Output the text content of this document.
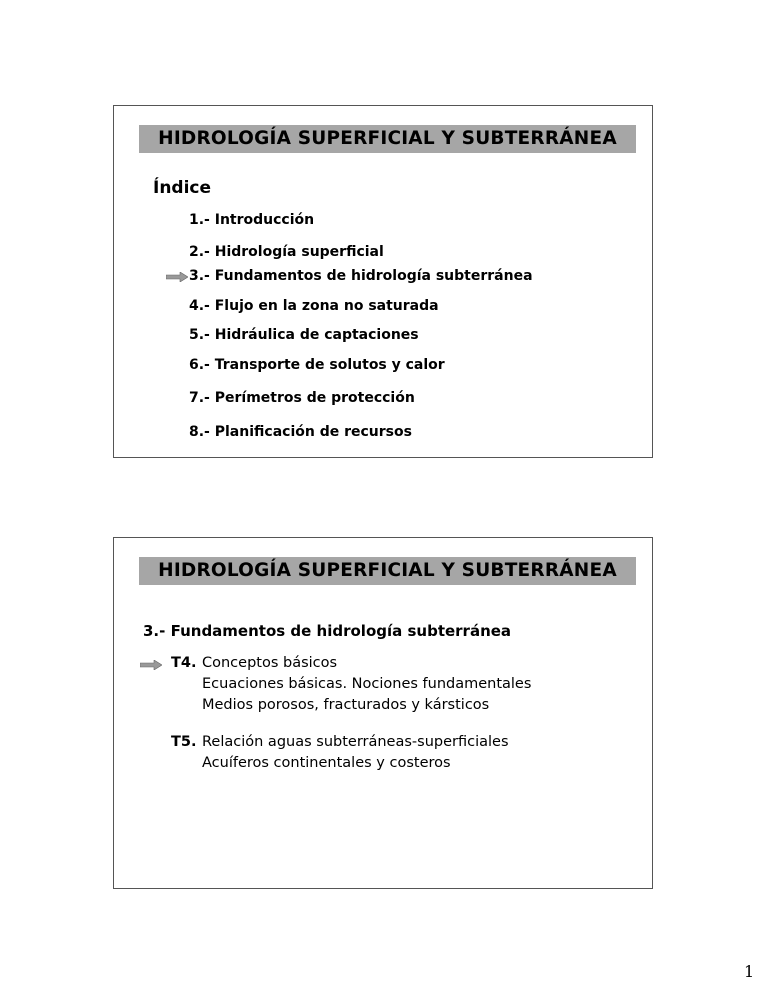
HIDROLOGÍA SUPERFICIAL Y SUBTERRÁNEA
Índice
1.- Introducción
2.- Hidrología superficial
3.- Fundamentos de hidrología subterránea
4.- Flujo en la zona no saturada
5.- Hidráulica de captaciones
6.- Transporte de solutos y calor
7.- Perímetros de protección
8.- Planificación de recursos
HIDROLOGÍA SUPERFICIAL Y SUBTERRÁNEA
3.- Fundamentos de hidrología subterránea
T4. Conceptos básicos
Ecuaciones básicas. Nociones fundamentales
Medios porosos, fracturados y kársticos
T5. Relación aguas subterráneas-superficiales
Acuíferos continentales y costeros
1
